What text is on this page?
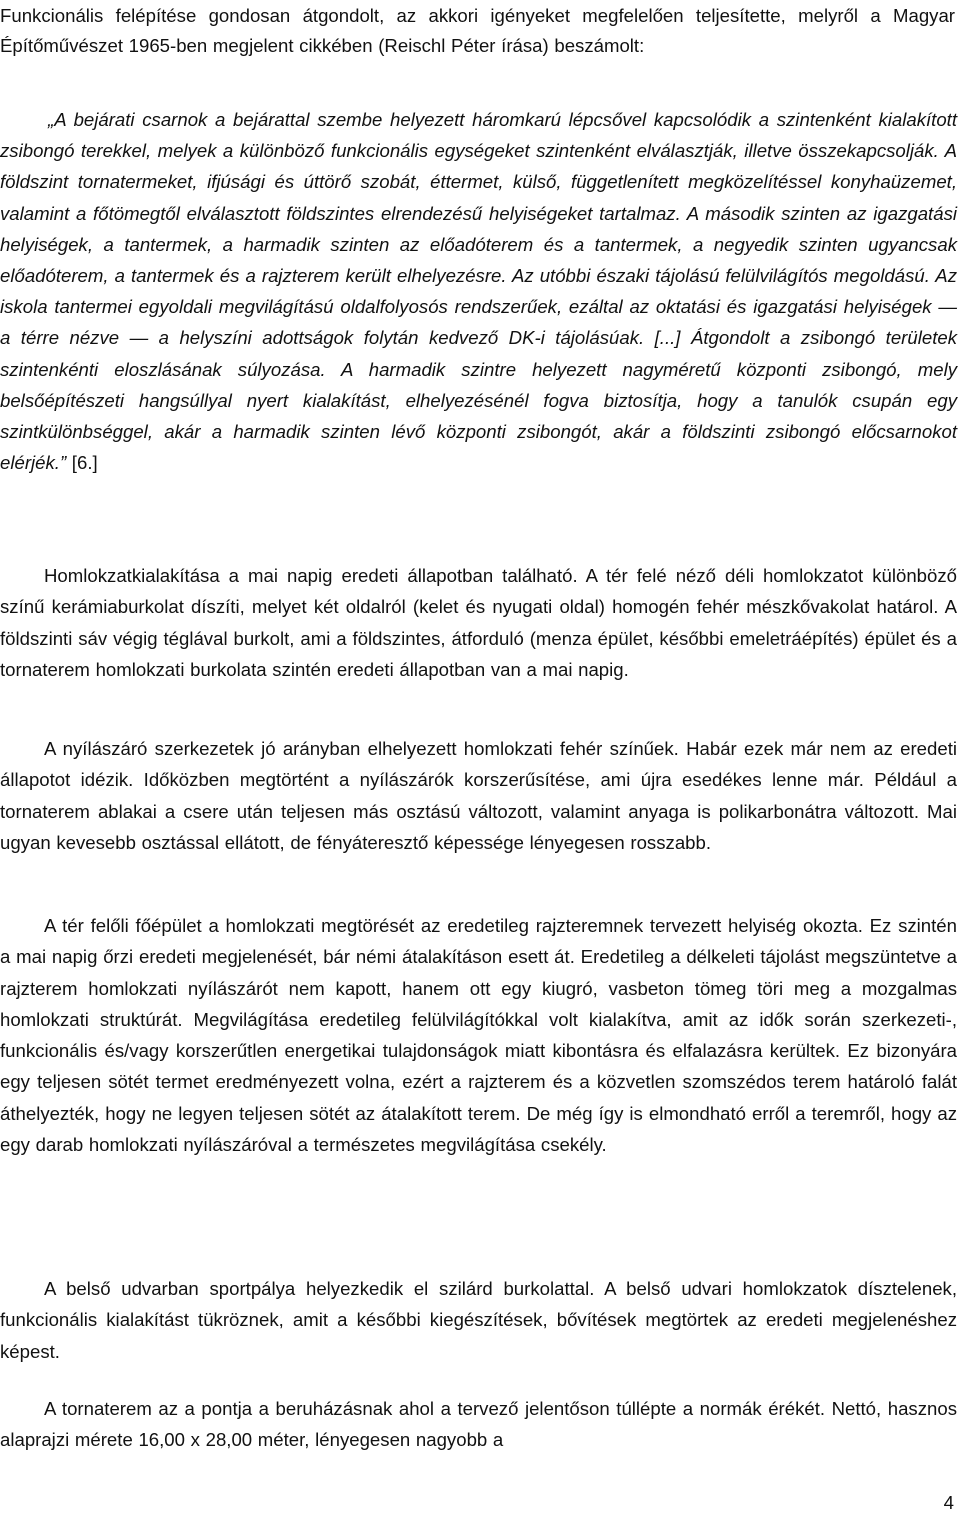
Funkcionális felépítése gondosan átgondolt, az akkori igényeket megfelelően teljesítette, melyről a Magyar Építőművészet 1965-ben megjelent cikkében (Reischl Péter írása) beszámolt:

„A bejárati csarnok a bejárattal szembe helyezett háromkarú lépcsővel kapcsolódik a szintenként kialakított zsibongó terekkel, melyek a különböző funkcionális egységeket szintenként elválasztják, illetve összekapcsolják. A földszint tornatermeket, ifjúsági és úttörő szobát, éttermet, külső, függetlenített megközelítéssel konyhaüzemet, valamint a főtömegtől elválasztott földszintes elrendezésű helyiségeket tartalmaz. A második szinten az igazgatási helyiségek, a tantermek, a harmadik szinten az előadóterem és a tantermek, a negyedik szinten ugyancsak előadóterem, a tantermek és a rajzterem került elhelyezésre. Az utóbbi északi tájolású felülvilágítós megoldású. Az iskola tantermei egyoldali megvilágítású oldalfolyosós rendszerűek, ezáltal az oktatási és igazgatási helyiségek — a térre nézve — a helyszíni adottságok folytán kedvező DK-i tájolásúak. [...] Átgondolt a zsibongó területek szintenkénti eloszlásának súlyozása. A harmadik szintre helyezett nagyméretű központi zsibongó, mely belsőépítészeti hangsúllyal nyert kialakítást, elhelyezésénél fogva biztosítja, hogy a tanulók csupán egy szintkülönbséggel, akár a harmadik szinten lévő központi zsibongót, akár a földszinti zsibongó előcsarnokot elérjék.” [6.]

Homlokzatkialakítása a mai napig eredeti állapotban található. A tér felé néző déli homlokzatot különböző színű kerámiaburkolat díszíti, melyet két oldalról (kelet és nyugati oldal) homogén fehér mészkővakolat határol. A földszinti sáv végig téglával burkolt, ami a földszintes, átforduló (menza épület, későbbi emeletráépítés) épület és a tornaterem homlokzati burkolata szintén eredeti állapotban van a mai napig.

A nyílászáró szerkezetek jó arányban elhelyezett homlokzati fehér színűek. Habár ezek már nem az eredeti állapotot idézik. Időközben megtörtént a nyílászárók korszerűsítése, ami újra esedékes lenne már. Például a tornaterem ablakai a csere után teljesen más osztású változott, valamint anyaga is polikarbonátra változott. Mai ugyan kevesebb osztással ellátott, de fényáteresztő képessége lényegesen rosszabb.

A tér felőli főépület a homlokzati megtörését az eredetileg rajzteremnek tervezett helyiség okozta. Ez szintén a mai napig őrzi eredeti megjelenését, bár némi átalakításon esett át. Eredetileg a délkeleti tájolást megszüntetve a rajzterem homlokzati nyílászárót nem kapott, hanem ott egy kiugró, vasbeton tömeg töri meg a mozgalmas homlokzati struktúrát. Megvilágítása eredetileg felülvilágítókkal volt kialakítva, amit az idők során szerkezeti-, funkcionális és/vagy korszerűtlen energetikai tulajdonságok miatt kibontásra és elfalazásra kerültek. Ez bizonyára egy teljesen sötét termet eredményezett volna, ezért a rajzterem és a közvetlen szomszédos terem határoló falát áthelyezték, hogy ne legyen teljesen sötét az átalakított terem. De még így is elmondható erről a teremről, hogy az egy darab homlokzati nyílászáróval a természetes megvilágítása csekély.

A belső udvarban sportpálya helyezkedik el szilárd burkolattal. A belső udvari homlokzatok dísztelenek, funkcionális kialakítást tükröznek, amit a későbbi kiegészítések, bővítések megtörtek az eredeti megjelenéshez képest.

A tornaterem az a pontja a beruházásnak ahol a tervező jelentőson túllépte a normák érékét. Nettó, hasznos alaprajzi mérete 16,00 x 28,00 méter, lényegesen nagyobb a

4
